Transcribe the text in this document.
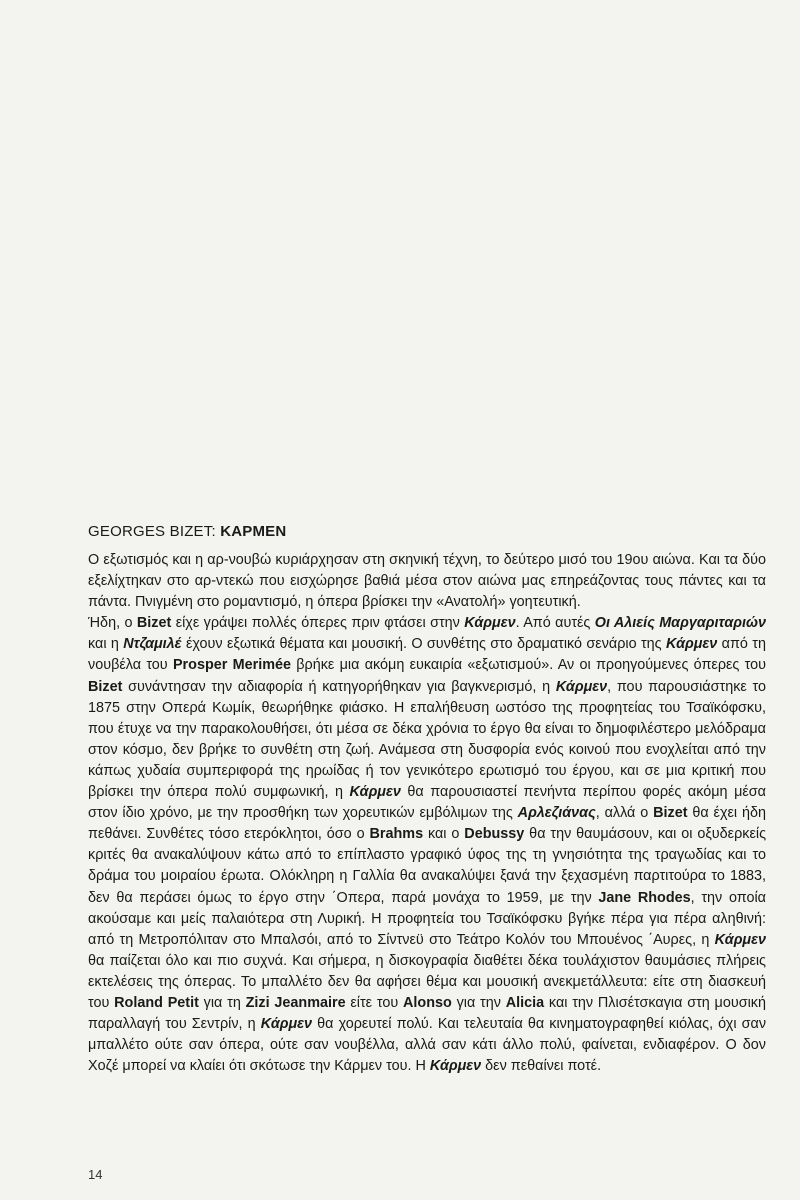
GEORGES BIZET: ΚΑΡΜΕΝ

Ο εξωτισμός και η αρ-νουβώ κυριάρχησαν στη σκηνική τέχνη, το δεύτερο μισό του 19ου αιώνα. Και τα δύο εξελίχτηκαν στο αρ-ντεκώ που εισχώρησε βαθιά μέσα στον αιώνα μας επηρεάζοντας τους πάντες και τα πάντα. Πνιγμένη στο ρομαντισμό, η όπερα βρίσκει την «Ανατολή» γοητευτική.

Ήδη, ο Bizet είχε γράψει πολλές όπερες πριν φτάσει στην Κάρμεν. Από αυτές Οι Αλιείς Μαργαριταριών και η Ντζαμιλέ έχουν εξωτικά θέματα και μουσική. Ο συνθέτης στο δραματικό σενάριο της Κάρμεν από τη νουβέλα του Prosper Merimée βρήκε μια ακόμη ευκαιρία «εξωτισμού». Αν οι προηγούμενες όπερες του Bizet συνάντησαν την αδιαφορία ή κατηγορήθηκαν για βαγκνερισμό, η Κάρμεν, που παρουσιάστηκε το 1875 στην Οπερά Κωμίκ, θεωρήθηκε φιάσκο. Η επαλήθευση ωστόσο της προφητείας του Τσαϊκόφσκυ, που έτυχε να την παρακολουθήσει, ότι μέσα σε δέκα χρόνια το έργο θα είναι το δημοφιλέστερο μελόδραμα στον κόσμο, δεν βρήκε το συνθέτη στη ζωή. Ανάμεσα στη δυσφορία ενός κοινού που ενοχλείται από την κάπως χυδαία συμπεριφορά της ηρωίδας ή τον γενικότερο ερωτισμό του έργου, και σε μια κριτική που βρίσκει την όπερα πολύ συμφωνική, η Κάρμεν θα παρουσιαστεί πενήντα περίπου φορές ακόμη μέσα στον ίδιο χρόνο, με την προσθήκη των χορευτικών εμβόλιμων της Αρλεζιάνας, αλλά ο Bizet θα έχει ήδη πεθάνει. Συνθέτες τόσο ετερόκλητοι, όσο ο Brahms και ο Debussy θα την θαυμάσουν, και οι οξυδερκείς κριτές θα ανακαλύψουν κάτω από το επίπλαστο γραφικό ύφος της τη γνησιότητα της τραγωδίας και το δράμα του μοιραίου έρωτα. Ολόκληρη η Γαλλία θα ανακαλύψει ξανά την ξεχασμένη παρτιτούρα το 1883, δεν θα περάσει όμως το έργο στην ΄Οπερα, παρά μονάχα το 1959, με την Jane Rhodes, την οποία ακούσαμε και μείς παλαιότερα στη Λυρική. Η προφητεία του Τσαϊκόφσκυ βγήκε πέρα για πέρα αληθινή: από τη Μετροπόλιταν στο Μπαλσόι, από το Σίντνεϋ στο Τεάτρο Κολόν του Μπουένος ΄Αυρες, η Κάρμεν θα παίζεται όλο και πιο συχνά. Και σήμερα, η δισκογραφία διαθέτει δέκα τουλάχιστον θαυμάσιες πλήρεις εκτελέσεις της όπερας. Το μπαλλέτο δεν θα αφήσει θέμα και μουσική ανεκμετάλλευτα: είτε στη διασκευή του Roland Petit για τη Zizi Jeanmaire είτε του Alonso για την Alicia και την Πλισέτσκαγια στη μουσική παραλλαγή του Σεντρίν, η Κάρμεν θα χορευτεί πολύ. Και τελευταία θα κινηματογραφηθεί κιόλας, όχι σαν μπαλλέτο ούτε σαν όπερα, ούτε σαν νουβέλλα, αλλά σαν κάτι άλλο πολύ, φαίνεται, ενδιαφέρον. Ο δον Χοζέ μπορεί να κλαίει ότι σκότωσε την Κάρμεν του. Η Κάρμεν δεν πεθαίνει ποτέ.

14
